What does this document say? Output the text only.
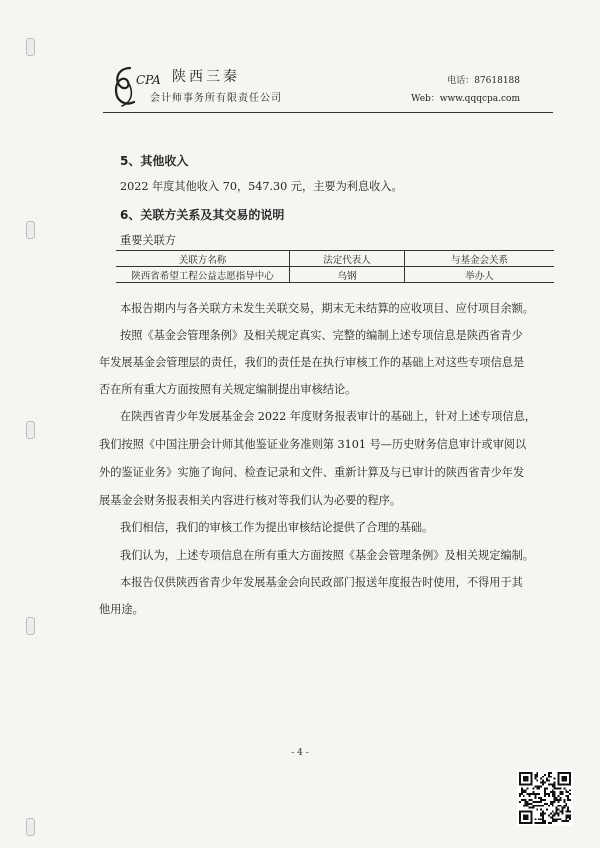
CPA 陕西三秦
会计师事务所有限责任公司
电话：87618188
Web：www.qqqcpa.com
5、其他收入
2022 年度其他收入 70，547.30 元，主要为利息收入。
6、关联方关系及其交易的说明
重要关联方
关联方名称	法定代表人	与基金会关系
陕西省希望工程公益志愿指导中心	乌钢	举办人
本报告期内与各关联方未发生关联交易，期末无未结算的应收项目、应付项目余额。
按照《基金会管理条例》及相关规定真实、完整的编制上述专项信息是陕西省青少
年发展基金会管理层的责任，我们的责任是在执行审核工作的基础上对这些专项信息是
否在所有重大方面按照有关规定编制提出审核结论。
在陕西省青少年发展基金会 2022 年度财务报表审计的基础上，针对上述专项信息，
我们按照《中国注册会计师其他鉴证业务准则第 3101 号—历史财务信息审计或审阅以
外的鉴证业务》实施了询问、检查记录和文件、重新计算及与已审计的陕西省青少年发
展基金会财务报表相关内容进行核对等我们认为必要的程序。
我们相信，我们的审核工作为提出审核结论提供了合理的基础。
我们认为，上述专项信息在所有重大方面按照《基金会管理条例》及相关规定编制。
本报告仅供陕西省青少年发展基金会向民政部门报送年度报告时使用，不得用于其
他用途。
- 4 -
